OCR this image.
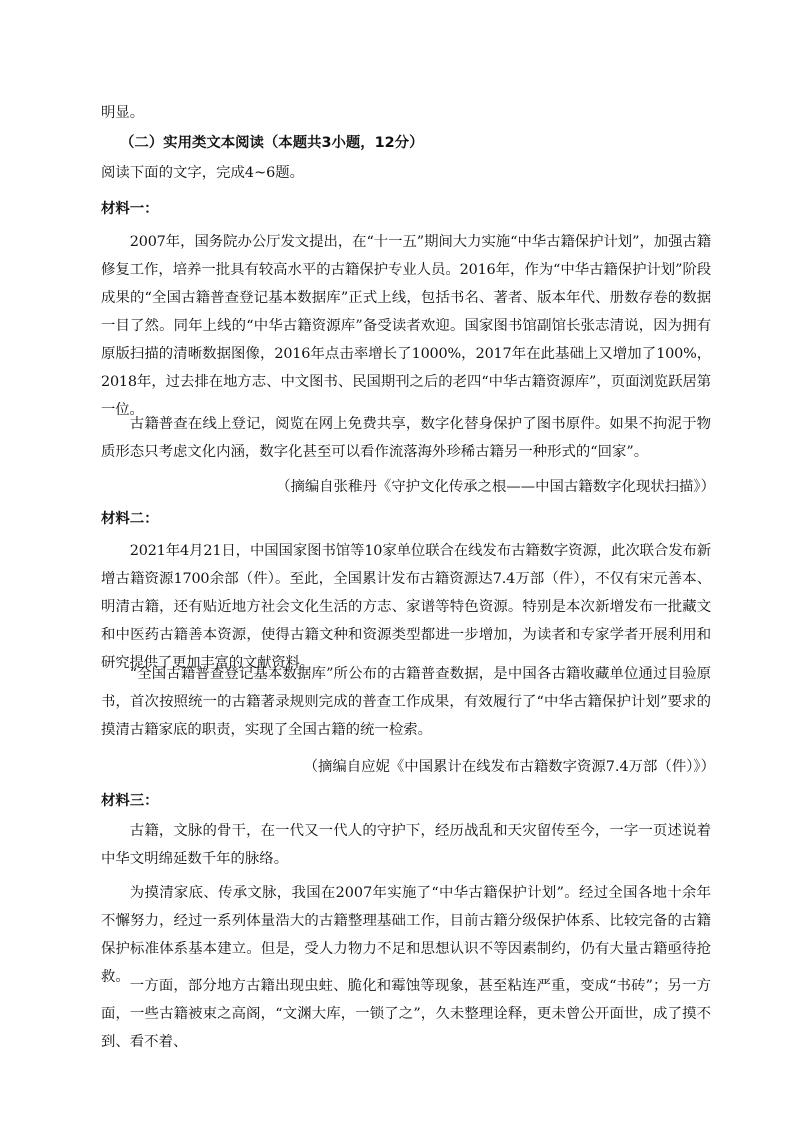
明显。

（二）实用类文本阅读（本题共3小题，12分）

阅读下面的文字，完成4~6题。

材料一：

2007年，国务院办公厅发文提出，在“十一五”期间大力实施“中华古籍保护计划”，加强古籍修复工作，培养一批具有较高水平的古籍保护专业人员。2016年，作为“中华古籍保护计划”阶段成果的“全国古籍普查登记基本数据库”正式上线，包括书名、著者、版本年代、册数存卷的数据一目了然。同年上线的“中华古籍资源库”备受读者欢迎。国家图书馆副馆长张志清说，因为拥有原版扫描的清晰数据图像，2016年点击率增长了1000%，2017年在此基础上又增加了100%，2018年，过去排在地方志、中文图书、民国期刊之后的老四“中华古籍资源库”，页面浏览跃居第一位。

古籍普查在线上登记，阅览在网上免费共享，数字化替身保护了图书原件。如果不拘泥于物质形态只考虑文化内涵，数字化甚至可以看作流落海外珍稀古籍另一种形式的“回家”。

（摘编自张稚丹《守护文化传承之根——中国古籍数字化现状扫描》）

材料二：

2021年4月21日，中国国家图书馆等10家单位联合在线发布古籍数字资源，此次联合发布新增古籍资源1700余部（件）。至此，全国累计发布古籍资源达7.4万部（件），不仅有宋元善本、明清古籍，还有贴近地方社会文化生活的方志、家谱等特色资源。特别是本次新增发布一批藏文和中医药古籍善本资源，使得古籍文种和资源类型都进一步增加，为读者和专家学者开展利用和研究提供了更加丰富的文献资料。

“全国古籍普查登记基本数据库”所公布的古籍普查数据，是中国各古籍收藏单位通过目验原书，首次按照统一的古籍著录规则完成的普查工作成果，有效履行了“中华古籍保护计划”要求的摸清古籍家底的职责，实现了全国古籍的统一检索。

（摘编自应妮《中国累计在线发布古籍数字资源7.4万部（件）》）

材料三：

古籍，文脉的骨干，在一代又一代人的守护下，经历战乱和天灾留传至今，一字一页述说着中华文明绵延数千年的脉络。

为摸清家底、传承文脉，我国在2007年实施了“中华古籍保护计划”。经过全国各地十余年不懈努力，经过一系列体量浩大的古籍整理基础工作，目前古籍分级保护体系、比较完备的古籍保护标准体系基本建立。但是，受人力物力不足和思想认识不等因素制约，仍有大量古籍亟待抢救。

一方面，部分地方古籍出现虫蛀、脆化和霉蚀等现象，甚至粘连严重，变成“书砖”；另一方面，一些古籍被束之高阁，“文渊大库，一锁了之”，久未整理诠释，更未曾公开面世，成了摸不到、看不着、
